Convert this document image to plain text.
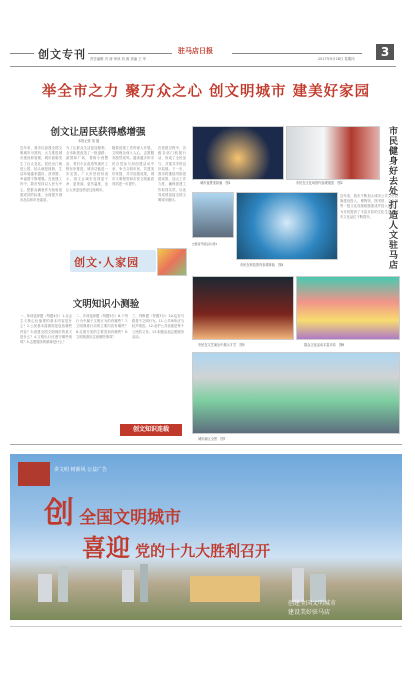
创文专刊	驻马店日报	3
责任编辑 冯 涛 审读 刘 源 美编 王 军	2017年9月28日 星期四
举全市之力 聚万众之心 创文明城市 建美好家园
创文让居民获得感增强
本报记者 刘 磊
近年来，我市以创建全国文明城市为契机，大力推进城市建设和管理，城市面貌发生了巨大变化。居民出门就是公园，抬头就是绿荫，生活环境越来越好，获得感、幸福感不断增强。在创建工作中，我市坚持以人民为中心，把群众满意作为检验创建成效的标准，全面提升城市品位和市民素质。
为了让群众生活更加便利，全市新建改造了一批道路、游园和广场，背街小巷整治、老旧小区改造等惠民工程有序推进，城市功能进一步完善。广大市民纷纷表示，创文让城市变得更干净、更美丽、更有温度，也让大家更加热爱这座城市。
随着创建工作的深入开展，文明理念深入人心，志愿服务蔚然成风。越来越多的市民自觉参与到创建活动中来，争当文明市民，共建美好家园，共享创建成果，城市文明程度和市民文明素质得到进一步提升。
在创建过程中，各级各部门积极行动，形成了全民参与、共建共享的良好局面。下一步，我市将继续巩固创建成果，加大工作力度，确保创建工作取得实效，以优异成绩迎接全国文明城市测评。
创文·人家园	市民健身好去处 打造人文驻马店
近年来，我市不断加大城市公共文化设施建设投入，博物馆、图书馆、文化馆等一批文化设施相继建成并投入使用，为市民提供了丰富多彩的文化生活，城市文化品位不断提升。
城市夜景美如画　 图1	市民在文化场馆内参观展览　 图2
志愿者开展活动 图3
市民在科技馆内参观体验　 图4
市民在文艺演出中展示才艺　 图5	群众文化活动丰富多彩　 图6
城市新区全景　 图7
文明知识小测验
一、单项选择题（每题4分）1.社会主义核心价值观的基本内容是什么？2.公民基本道德规范包括哪些内容？3.创建全国文明城市的意义是什么？4.文明出行应遵守哪些规则？5.志愿服务的精神是什么？
二、多项选择题（每题5分）6.下列行为中属于文明行为的有哪些？7.文明餐桌行动的主要内容有哪些？8.垃圾分类的主要类别有哪些？9.文明旅游应注意哪些事项？
三、判断题（每题3分）10.乱穿马路是不文明行为。11.公共场所应当轻声细语。12.爱护公共设施是每个公民的义务。13.积极参加志愿服务活动。
创文知识连载
讲文明 树新风 公益广告
创 全国文明城市
喜迎 党的十九大胜利召开
创建全国文明城市
建设美好驻马店
